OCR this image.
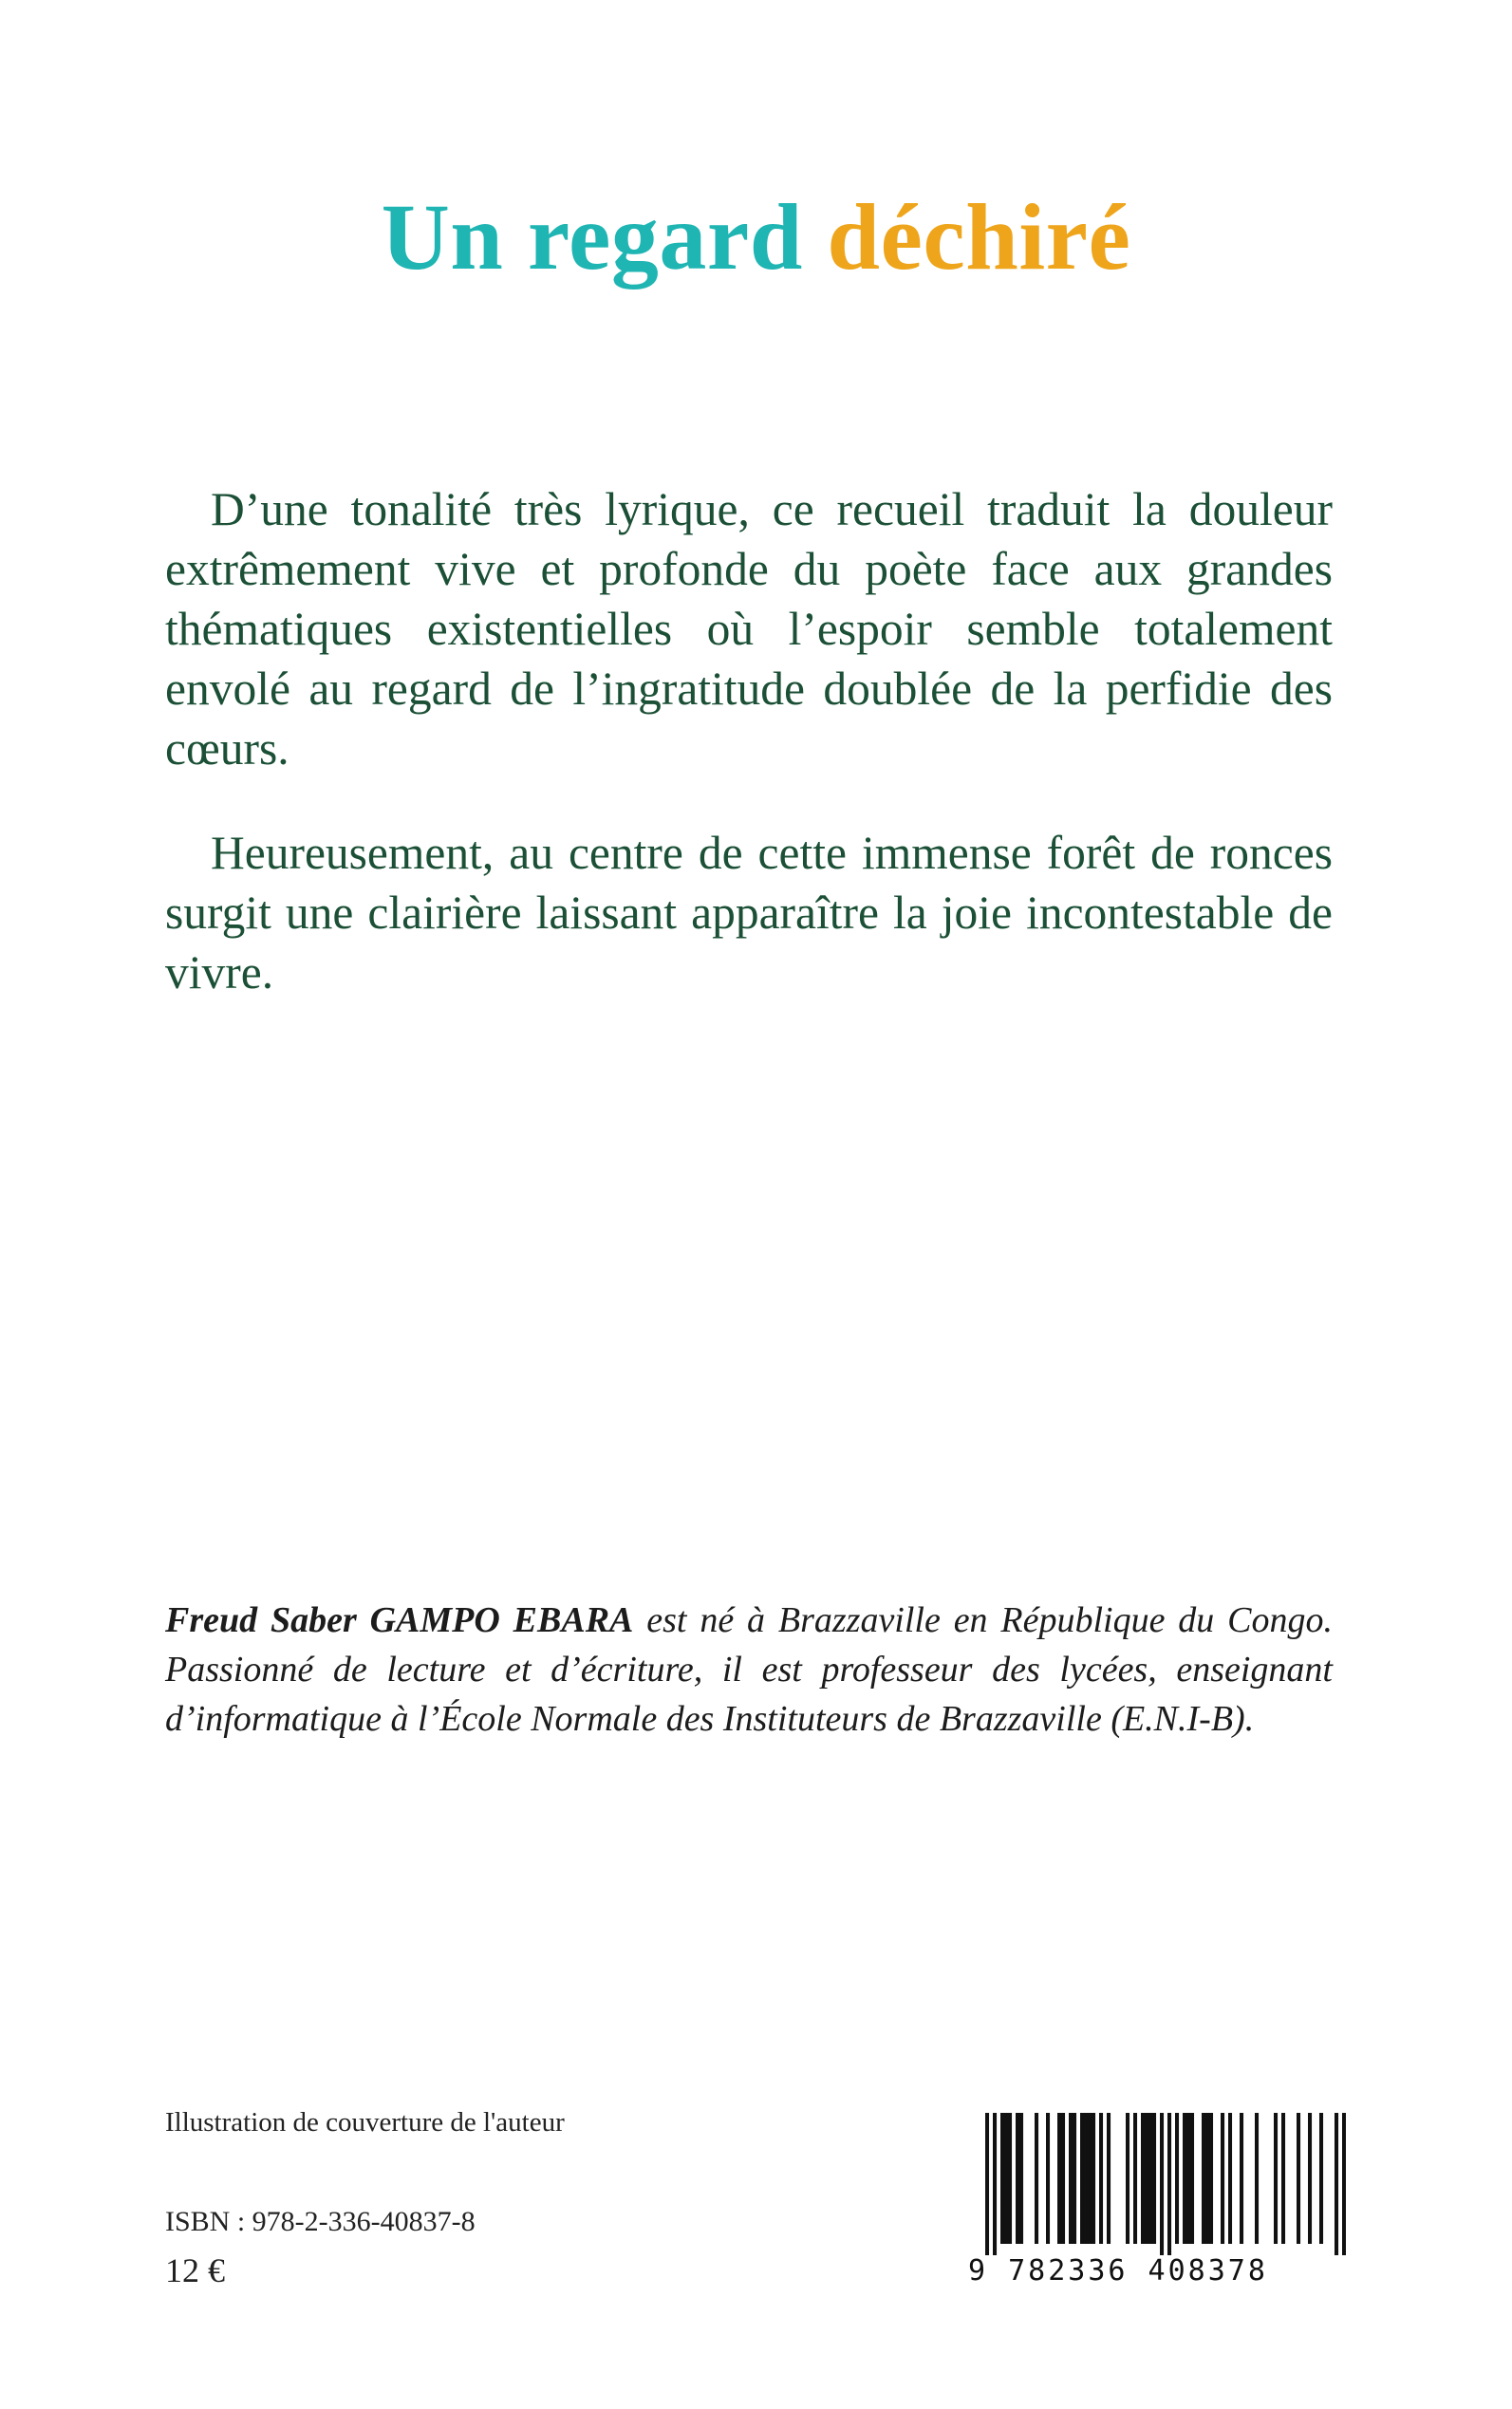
Un regard déchiré

D’une tonalité très lyrique, ce recueil traduit la douleur extrêmement vive et profonde du poète face aux grandes thématiques existentielles où l’espoir semble totalement envolé au regard de l’ingratitude doublée de la perfidie des cœurs.

Heureusement, au centre de cette immense forêt de ronces surgit une clairière laissant apparaître la joie incontestable de vivre.

Freud Saber GAMPO EBARA est né à Brazzaville en République du Congo. Passionné de lecture et d’écriture, il est professeur des lycées, enseignant d’informatique à l’École Normale des Instituteurs de Brazzaville (E.N.I-B).

Illustration de couverture de l'auteur

ISBN : 978-2-336-40837-8

12 €	9 782336 408378
